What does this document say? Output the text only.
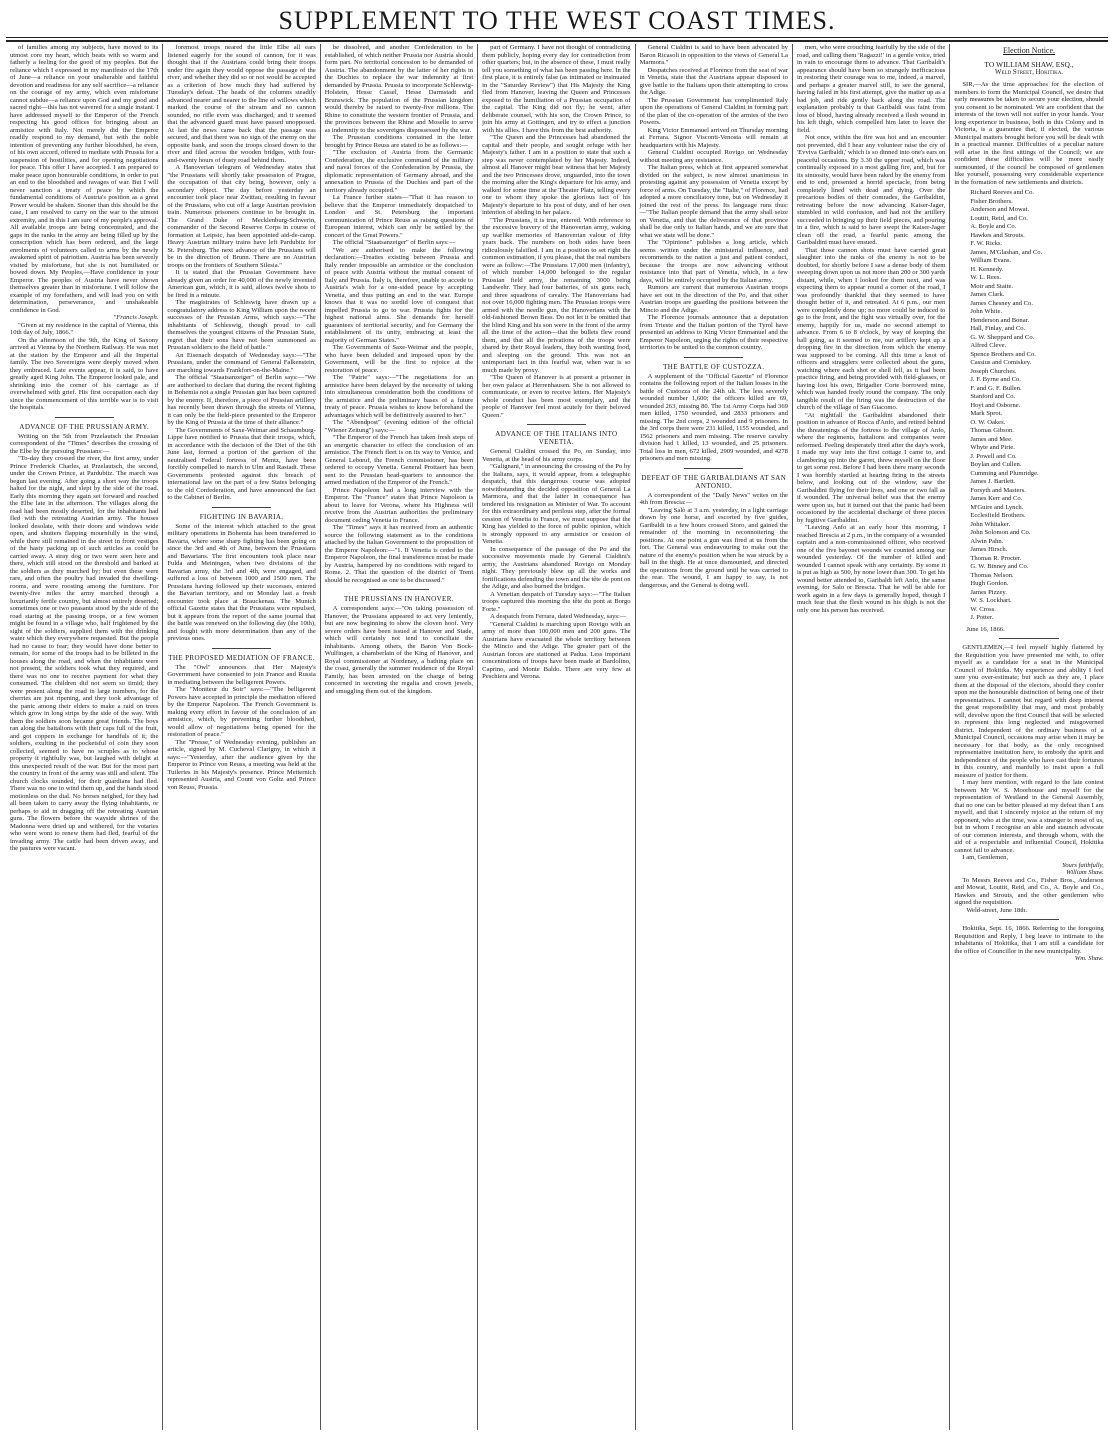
SUPPLEMENT TO THE WEST COAST TIMES.

of families among my subjects, have moved to its utmost core my heart, which beats with so warm and fatherly a feeling for the good of my peoples. But the reliance which I expressed in my manifesto of the 17th of June—a reliance on your unalterable and faithful devotion and readiness for any self sacrifice—a reliance on the courage of my army, which even misfortune cannot subdue—a reliance upon God and my good and sacred right—this has not wavered for a single instant. I have addressed myself to the Emperor of the French respecting his good offices for bringing about an armistice with Italy. Not merely did the Emperor readily respond to my demand, but with the noble intention of preventing any further bloodshed, he even, of his own accord, offered to mediate with Prussia for a suspension of hostilities, and for opening negotiations for peace. This offer I have accepted. I am prepared to make peace upon honourable conditions, in order to put an end to the bloodshed and ravages of war. But I will never sanction a treaty of peace by which the fundamental conditions of Austria's position as a great Power would be shaken. Sooner than this should be the case, I am resolved to carry on the war to the utmost extremity, and in this I am sure of my people's approval. All available troops are being concentrated, and the gaps in the ranks in the army are being filled up by the conscription which has been ordered, and the large enrolments of volunteers called to arms by the newly awakened spirit of patriotism. Austria has been severely visited by misfortune, but she is not humiliated or bowed down. My Peoples,—Have confidence in your Emperor. The peoples of Austria have never shown themselves greater than in misfortune. I will follow the example of my forefathers, and will lead you on with determination, perseverance, and unshakeable confidence in God.

"Francis Joseph.

"Given at my residence in the capital of Vienna, this 10th day of July, 1866."

On the afternoon of the 9th, the King of Saxony arrived at Vienna by the Northern Railway. He was met at the station by the Emperor and all the Imperial family. The two Sovereigns were deeply moved when they embraced. Late events appear, it is said, to have greatly aged King John. The Emperor looked pale, and shrinking into the corner of his carriage as if overwhelmed with grief. His first occupation each day since the commencement of this terrible war is to visit the hospitals.

ADVANCE OF THE PRUSSIAN ARMY.

Writing on the 5th from Przelautsch the Prussian correspondent of the "Times" describes the crossing of the Elbe by the pursuing Prussians:—

"To-day they crossed the river, the first army, under Prince Frederick Charles, at Przelautsch, the second, under the Crown Prince, at Pardubitz. The march was begun last evening. After going a short way the troops halted for the night, and slept by the side of the road. Early this morning they again set forward and reached the Elbe late in the afternoon. The villages along the road had been mostly deserted, for the inhabitants had fled with the retreating Austrian army. The houses looked desolate, with their doors and windows wide open, and shutters flapping mournfully in the wind, while there still remained in the street in front vestiges of the hasty packing up of such articles as could be carried away. A stray dog or two were seen here and there, which still stood on the threshold and barked at the soldiers as they marched by; but even these were rare, and often the poultry had invaded the dwelling-rooms, and were roosting among the furniture. For twenty-five miles the army marched through a luxuriantly fertile country, but almost entirely deserted; sometimes one or two peasants stood by the side of the road staring at the passing troops, or a few women might be found in a village who, half frightened by the sight of the soldiers, supplied them with the drinking water which they everywhere requested. But the people had no cause to fear; they would have done better to remain, for some of the troops had to be billeted in the houses along the road, and when the inhabitants were not present, the soldiers took what they required, and there was no one to receive payment for what they consumed. The children did not seem so timid; they were present along the road in large numbers, for the cherries are just ripening, and they took advantage of the panic among their elders to make a raid on trees which grow in long strips by the side of the way. With them the soldiers soon became great friends. The boys ran along the battalions with their caps full of the fruit, and got coppers in exchange for handfuls of it; the soldiers, exulting in the pocketsful of coin they soon collected, seemed to have no scruples as to whose property it rightfully was, but laughed with delight at this unexpected result of the war. But for the most part the country in front of the army was still and silent. The church clocks sounded, for their guardians had fled. There was no one to wind them up, and the hands stood motionless on the dial. No horses neighed, for they had all been taken to carry away the flying inhabitants, or perhaps to aid in dragging off the retreating Austrian guns. The flowers before the wayside shrines of the Madonna were dried up and withered, for the votaries who were wont to renew them had fled, fearful of the invading army. The cattle had been driven away, and the pastures were vacant.

foremost troops neared the little Elbe all ears listened eagerly for the sound of cannon, for it was thought that if the Austrians could bring their troops under fire again they would oppose the passage of the river, and whether they did so or not would be accepted as a criterion of how much they had suffered by Tuesday's defeat. The heads of the columns steadily advanced nearer and nearer to the line of willows which marked the course of the stream and no cannon sounded, no rifle even was discharged, and it seemed that the advanced guard must have passed unopposed. At last the news came back that the passage was secured, and that there was no sign of the enemy on the opposite bank, and soon the troops closed down to the river and filed across the wooden bridges, with four-and-twenty hours of dusty road behind them.

A Hanoverian telegram of Wednesday states that "the Prussians will shortly take possession of Prague, the occupation of that city being, however, only a secondary object. The day before yesterday an encounter took place near Zwittau, resulting in favour of the Prussians, who cut off a large Austrian provision train. Numerous prisoners continue to be brought in. The Grand Duke of Mecklenburg-Schwerin, commander of the Second Reserve Corps in course of formation at Leipsic, has been appointed aid-de-camp. Heavy Austrian military trains have left Pardubitz for St. Petersburg. The next advance of the Prussians will be in the direction of Brunn. There are no Austrian troops on the frontiers of Southern Silesia."

It is stated that the Prussian Government have already given an order for 40,000 of the newly invented American gun, which, it is said, allows twelve shots to be fired in a minute.

The magistrates of Schleswig have drawn up a congratulatory address to King William upon the recent successes of the Prussian Arms, which says:—"The inhabitants of Schleswig, though proud to call themselves the youngest citizens of the Prussian State, regret that their sons have not been summoned as Prussian soldiers to the field of battle."

An Eisenach despatch of Wednesday says:—"The Prussians, under the command of General Falkenstein, are marching towards Frankfort-on-the-Maine."

The official "Staatsanzeiger" of Berlin says:—"We are authorised to declare that during the recent fighting in Bohemia not a single Prussian gun has been captured by the enemy. If, therefore, a piece of Prussian artillery has recently been drawn through the streets of Vienna, it can only be the field-piece presented to the Emperor by the King of Prussia at the time of their alliance."

The Governments of Saxe-Weimar and Schaumburg-Lippe have notified to Prussia that their troops, which, in accordance with the decision of the Diet of the 6th June last, formed a portion of the garrison of the neutralised Federal fortress of Mentz, have been forcibly compelled to march to Ulm and Rastadt. These Governments protested against this breach of international law on the part of a few States belonging to the old Confederation, and have announced the fact to the Cabinet of Berlin.

FIGHTING IN BAVARIA.

Some of the interest which attached to the great military operations in Bohemia has been transferred to Bavaria, where some sharp fighting has been going on since the 3rd and 4th of June, between the Prussians and Bavarians. The first encounters took place near Fulda and Meiningen, when two divisions of the Bavarian army, the 3rd and 4th, were engaged, and suffered a loss of between 1000 and 1500 men. The Prussians having followed up their successes, entered the Bavarian territory, and on Monday last a fresh encounter took place at Brauckenau. The Munich official Gazette states that the Prussians were repulsed, but it appears from the report of the same journal that the battle was renewed on the following day (the 10th), and fought with more determination than any of the previous ones.

THE PROPOSED MEDIATION OF FRANCE.

The "Owl" announces that Her Majesty's Government have consented to join France and Russia in mediating between the belligerent Powers.

The "Moniteur du Soir" says:—"The belligerent Powers have accepted in principle the mediation offered by the Emperor Napoleon. The French Government is making every effort in favour of the conclusion of an armistice, which, by preventing further bloodshed, would allow of negotiations being opened for the restoration of peace."

The "Presse," of Wednesday evening, publishes an article, signed by M. Cucheval Clarigny, in which it says:—"Yesterday, after the audience given by the Emperor to Prince von Reuss, a meeting was held at the Tuileries in his Majesty's presence. Prince Metternich represented Austria, and Count von Goltz and Prince von Reuss, Prussia.

be dissolved, and another Confederation to be established, of which neither Prussia nor Austria should form part. No territorial concession to be demanded of Austria. The abandonment by the latter of her rights in the Duchies to replace the war indemnity at first demanded by Prussia. Prussia to incorporate Schleswig-Holstein, Hesse Cassel, Hesse Darmstadt and Brunswick. The population of the Prussian kingdom would thereby be raised to twenty-five millions. The Rhine to constitute the western frontier of Prussia, and the provinces between the Rhine and Moselle to serve as indemnity to the sovereigns dispossessed by the war.

The Prussian conditions contained in the letter brought by Prince Reuss are stated to be as follows:—

"The exclusion of Austria from the Germanic Confederation, the exclusive command of the military and naval forces of the Confederation by Prussia, the diplomatic representation of Germany abroad, and the annexation to Prussia of the Duchies and part of the territory already occupied."

La France further states—"That it has reason to believe that the Emperor immediately despatched to London and St. Petersburg the important communication of Prince Reuss as raising questions of European interest, which can only be settled by the concert of the Great Powers."

The official "Staatsanzeiger" of Berlin says:—

"We are authorised to make the following declaration:—Treaties existing between Prussia and Italy render impossible an armistice or the conclusion of peace with Austria without the mutual consent of Italy and Prussia. Italy is, therefore, unable to accede to Austria's wish for a one-sided peace by accepting Venetia, and thus putting an end to the war. Europe knows that it was no sordid love of conquest that impelled Prussia to go to war. Prussia fights for the highest national aims. She demands for herself guarantees of territorial security, and for Germany the establishment of its unity, embracing at least the majority of German States."

The Governments of Saxe-Weimar and the people, who have been deluded and imposed upon by the Government, will be the first to rejoice at the restoration of peace.

The "Patrie" says:—"The negotiations for an armistice have been delayed by the necessity of taking into simultaneous consideration both the conditions of the armistice and the preliminary bases of a future treaty of peace. Prussia wishes to know beforehand the advantages which will be definitively assured to her."

The "Abendpost" (evening edition of the official "Wiener Zeitung") says:—

"The Emperor of the French has taken fresh steps of an energetic character to effect the conclusion of an armistice. The French fleet is on its way to Venice, and General Lebœuf, the French commissioner, has been ordered to occupy Venetia. General Prottaert has been sent to the Prussian head-quarters to announce the armed mediation of the Emperor of the French."

Prince Napoleon had a long interview with the Emperor. The "France" states that Prince Napoleon is about to leave for Verona, where his Highness will receive from the Austrian authorities the preliminary document ceding Venetia to France.

The "Times" says it has received from an authentic source the following statement as to the conditions attached by the Italian Government to the proposition of the Emperor Napoleon:—"1. If Venetia is ceded to the Emperor Napoleon, the final transference must be made by Austria, hampered by no conditions with regard to Rome. 2. That the question of the district of Trent should be recognised as one to be discussed."

THE PRUSSIANS IN HANOVER.

A correspondent says:—"On taking possession of Hanover, the Prussians appeared to act very leniently, but are now beginning to show the cloven hoof. Very severe orders have been issued at Hanover and Stade, which will certainly not tend to conciliate the inhabitants. Among others, the Baron Von Bock-Wulfingen, a chamberlain of the King of Hanover, and Royal commissioner at Nordeney, a bathing place on the coast, generally the summer residence of the Royal Family, has been arrested on the charge of being concerned in secreting the regalia and crown jewels, and smuggling them out of the kingdom.

part of Germany. I have not thought of contradicting them publicly, hoping every day for contradiction from other quarters; but, in the absence of these, I must really tell you something of what has been passing here. In the first place, it is entirely false (as intimated or insinuated in the "Saturday Review") that His Majesty the King fled from Hanover, leaving the Queen and Princesses exposed to the humiliation of a Prussian occupation of the capital. The King did not fly; he went, after deliberate counsel, with his son, the Crown Prince, to join his army at Gottingen, and try to effect a junction with his allies. I have this from the best authority.

"The Queen and the Princesses had abandoned the capital and their people, and sought refuge with her Majesty's father. I am in a position to state that such a step was never contemplated by her Majesty. Indeed, almost all Hanover might bear witness that her Majesty and the two Princesses drove, unguarded, into the town the morning after the King's departure for his army, and walked for some time at the Theater Platz, telling every one to whom they spoke the glorious fact of his Majesty's departure to his post of duty, and of her own intention of abiding in her palace.

"The Prussians, it is true, entered. With reference to the excessive bravery of the Hanoverian army, waking up warlike memories of Hanoverian valour of fifty years back. The numbers on both sides have been ridiculously falsified. I am in a position to set right the common estimation, if you please, that the real numbers were as follow:—The Prussians 17,000 men (infantry), of which number 14,000 belonged to the regular Prussian field army, the remaining 3000 being Landwehr. They had four batteries, of six guns each, and three squadrons of cavalry. The Hanoverians had not over 16,000 fighting men. The Prussian troops were armed with the needle gun, the Hanoverians with the old-fashioned Brown Bess. Do not let it be omitted that the blind King and his son were in the front of the army all the time of the action—that the bullets flew round them, and that all the privations of the troops were shared by their Royal leaders, they both wanting food, and sleeping on the ground. This was not an unimportant fact in this fearful war, when war is so much made by proxy.

"The Queen of Hanover is at present a prisoner in her own palace at Herrenhausen. She is not allowed to communicate, or even to receive letters. Her Majesty's whole conduct has been most exemplary, and the people of Hanover feel most acutely for their beloved Queen."

ADVANCE OF THE ITALIANS INTO VENETIA.

General Cialdini crossed the Po, on Sunday, into Venetia, at the head of his army corps.

"Galignani," in announcing the crossing of the Po by the Italians, says, it would appear, from a telegraphic despatch, that this dangerous course was adopted notwithstanding the decided opposition of General La Marmora, and that the latter in consequence has tendered his resignation as Minister of War. To account for this extraordinary and perilous step, after the formal cession of Venetia to France, we must suppose that the King has yielded to the force of public opinion, which is strongly opposed to any armistice or cession of Venetia.

In consequence of the passage of the Po and the successive movements made by General Cialdini's army, the Austrians abandoned Rovigo on Monday night. They previously blew up all the works and fortifications defending the town and the tête de pont on the Adige, and also burned the bridges.

A Venetian despatch of Tuesday says:—"The Italian troops captured this morning the tête du pont at Borgo Forte."

A despatch from Ferrara, dated Wednesday, says:—

"General Cialdini is marching upon Rovigo with an army of more than 100,000 men and 200 guns. The Austrians have evacuated the whole territory between the Mincio and the Adige. The greater part of the Austrian forces are stationed at Padua. Less important concentrations of troops have been made at Bardolino, Caprino, and Monte Baldo. There are very few at Peschiera and Verona.

General Cialdini is said to have been advocated by Baron Ricasoli in opposition to the views of General La Marmora."

Despatches received at Florence from the seat of war in Venetia, state that the Austrians appear disposed to give battle to the Italians upon their attempting to cross the Adige.

The Prussian Government has complimented Italy upon the operations of General Cialdini in forming part of the plan of the co-operation of the armies of the two Powers.

King Victor Emmanuel arrived on Thursday morning at Ferrara. Signor Visconti-Venosta will remain at headquarters with his Majesty.

General Cialdini occupied Rovigo on Wednesday without meeting any resistance.

The Italian press, which at first appeared somewhat divided on the subject, is now almost unanimous in protesting against any possession of Venetia except by force of arms. On Tuesday, the "Italie," of Florence, had adopted a more conciliatory tone, but on Wednesday it joined the rest of the press. Its language runs thus:—"The Italian people demand that the army shall seize on Venetia, and that the deliverance of that province shall be due only to Italian hands, and we are sure that what we state will be done."

The "Opinione" publishes a long article, which seems written under the ministerial influence, and recommends to the nation a just and patient conduct, because the troops are now advancing without resistance into that part of Venetia, which, in a few days, will be entirely occupied by the Italian army.

Rumors are current that numerous Austrian troops have set out in the direction of the Po, and that other Austrian troops are guarding the positions between the Mincio and the Adige.

The Florence journals announce that a deputation from Trieste and the Italian portion of the Tyrol have presented an address to King Victor Emmanuel and the Emperor Napoleon, urging the rights of their respective territories to be united to the common country.

THE BATTLE OF CUSTOZZA.

A supplement of the "Official Gazette" of Florence contains the following report of the Italian losses in the battle of Custozza of the 24th ult. The less severely wounded number 1,600; the officers killed are 69, wounded 263, missing 80. The 1st Army Corps had 369 men killed, 1750 wounded, and 2833 prisoners and missing. The 2nd corps, 2 wounded and 9 prisoners. In the 3rd corps there were 231 killed, 1155 wounded, and 1562 prisoners and men missing. The reserve cavalry division had 1 killed, 13 wounded, and 25 prisoners. Total loss in men, 672 killed, 2909 wounded, and 4278 prisoners and men missing.

DEFEAT OF THE GARIBALDIANS AT SAN ANTONIO.

A correspondent of the "Daily News" writes on the 4th from Brescia:—

"Leaving Salò at 3 a.m. yesterday, in a light carriage drawn by one horse, and escorted by five guides, Garibaldi in a few hours crossed Storo, and gained the remainder of the morning in reconnoitering the positions. At one point a gun was fired at us from the fort. The General was endeavouring to make out the nature of the enemy's position when he was struck by a ball in the thigh. He at once dismounted, and directed the operations from the ground until he was carried to the rear. The wound, I am happy to say, is not dangerous, and the General is doing well.

men, who were crouching fearfully by the side of the road, and calling them 'Ragazzi!' in a gentle voice, tried in vain to encourage them to advance. That Garibaldi's appearance should have been so strangely inefficacious in restoring their courage was to me, indeed, a marvel, and perhaps a greater marvel still, to see the general, having failed in his first attempt, give the matter up as a bad job, and ride gently back along the road. The explanation probably is that Garibaldi was faint from loss of blood, having already received a flesh wound in his left thigh, which compelled him later to leave the field.

Not once, within the fire was hot and an encounter not prevented, did I hear any volunteer raise the cry of 'Evviva Garibaldi,' which is so dinned into one's ears on peaceful occasions. By 3.30 the upper road, which was continually exposed to a most galling fire, and, but for its sinuosity, would have been raked by the enemy from end to end, presented a horrid spectacle, from being completely lined with dead and dying. Over the precarious bodies of their comrades, the Garibaldini, retreating before the now advancing Kaiser-Jager, stumbled in wild confusion, and had not the artillery succeeded in bringing up their field pieces, and pouring in a fire, which is said to have swept the Kaiser-Jager clean off the road, a fearful panic among the Garibaldini must have ensued.

That those cannon shots must have carried great slaughter into the ranks of the enemy is not to be doubted, for shortly before I saw a dense body of them sweeping down upon us not more than 200 or 300 yards distant, while, when I looked for them next, and was expecting them to appear round a corner of the road, I was profoundly thankful that they seemed to have thought better of it, and retreated. At 6 p.m., our men were completely done up; no more could be induced to go to the front, and the fight was virtually over, for the enemy, happily for us, made no second attempt to advance. From 6 to 8 o'clock, by way of keeping the ball going, as it seemed to me, our artillery kept up a dropping fire in the direction from which the enemy was supposed to be coming. All this time a knot of officers and stragglers were collected about the guns, watching where each shot or shell fell, as it had been practice firing, and being provided with field-glasses, or having lost his own, Brigadier Corte borrowed mine, which was handed freely round the company. The only tangible result of the firing was the destruction of the church of the village of San Giacomo.

"At nightfall the Garibaldini abandoned their position in advance of Rocca d'Anfo, and retired behind the threatenings of the fortress to the village of Anfo, where the regiments, battalions and companies were reformed. Feeling desperately tired after the day's work, I made my way into the first cottage I came to, and clambering up into the garret, threw myself on the floor to get some rest. Before I had been there many seconds I was horribly startled at hearing firing in the streets below, and looking out of the window, saw the Garibaldini flying for their lives, and one or two fall as if wounded. The universal belief was that the enemy were upon us, but it turned out that the panic had been occasioned by the accidental discharge of three pieces by fugitive Garibaldini.

"Leaving Anfo at an early hour this morning, I reached Brescia at 2 p.m., in the company of a wounded captain and a non-commissioned officer, who received one of the five bayonet wounds we counted among our wounded yesterday. Of the number of killed and wounded I cannot speak with any certainty. By some it is put as high as 500, by none lower than 300. To get his wound better attended to, Garibaldi left Anfo, the same evening, for Salo or Brescia. That he will be able for work again in a few days is generally hoped, though I much fear that the flesh wound in his thigh is not the only one his person has received.

Election Notice.
TO WILLIAM SHAW, ESQ.,
Weld Street, Hokitika.

SIR,—As the time approaches for the election of members to form the Municipal Council, we desire that early measures be taken to secure your election, should you consent to be nominated. We are confident that the interests of the town will not suffer in your hands. Your long experience in business, both in this Colony and in Victoria, is a guarantee that, if elected, the various Municipal matters brought before you will be dealt with in a practical manner. Difficulties of a peculiar nature will arise in the first sittings of the Council; we are confident these difficulties will be more easily surmounted, if the council be composed of gentlemen like yourself, possessing very considerable experience in the formation of new settlements and districts.

Richard Reeves and Co.
Fisher Brothers.
Anderson and Mowat.
Louttit, Reid, and Co.
A. Boyle and Co.
Hawkes and Strouts.
F. W. Ricks.
James, M'Glashan, and Co.
William Evans.
H. Kennedy.
W. L. Rees.
Moir and Staite.
James Clark.
James Chesney and Co.
John White.
Henderson and Bonar.
Hall, Finlay, and Co.
G. W. Sheppard and Co.
Alfred Cleve.
Spence Brothers and Co.
Cassius and Comiskey.
Joseph Churches.
J. F. Byrne and Co.
F. and G. F. Bullen.
Stanford and Co.
Hoyt and Osborne.
Mark Sprot.
O. W. Oakes.
Thomas Gibson.
James and Mee.
Whyte and Pirie.
J. Powell and Co.
Boylan and Cullen.
Cumming and Plumridge.
James J. Bartlett.
Forsyth and Masters.
James Kerr and Co.
M'Guire and Lynch.
Ecclesfield Brothers.
John Whitaker.
John Solomon and Co.
Alwin Pahn.
James Hirsch.
Thomas R. Procter.
G. W. Binney and Co.
Thomas Nelson.
Hugh Gordon.
James Pizzey.
W. S. Lockhart.
W. Cross.
J. Potter.

June 16, 1866.

GENTLEMEN,—I feel myself highly flattered by the Requisition you have presented me with, to offer myself as a candidate for a seat in the Municipal Council of Hokitika. My experience and ability I feel sure you over-estimate; but such as they are, I place them at the disposal of the electors, should they confer upon me the honourable distinction of being one of their representatives. I cannot but regard with deep interest the great responsibility that may, and most probably will, devolve upon the first Council that will be selected to represent this long neglected and misgoverned district. Independent of the ordinary business of a Municipal Council, occasions may arise when it may be necessary for that body, as the only recognised representative institution here, to embody the spirit and independence of the people who have cast their fortunes in this country, and manfully to insist upon a full measure of justice for them.

I may here mention, with regard to the late contest between Mr W. S. Moorhouse and myself for the representation of Westland in the General Assembly, that no one can be better pleased at my defeat than I am myself, and that I sincerely rejoice at the return of my opponent, who at the time, was a stranger to most of us, but in whom I recognise an able and staunch advocate of our common interests, and through whom, with the aid of a respectable and influential Council, Hokitika cannot fail to advance.

I am, Gentlemen,

Yours faithfully,

William Shaw.

To Messrs Reeves and Co., Fisher Bros., Anderson and Mowat, Louttit, Reid, and Co., A. Boyle and Co., Hawkes and Strouts, and the other gentlemen who signed the requisition.

Weld-street, June 18th.

Hokitika, Sept. 16, 1866. Referring to the foregoing Requisition and Reply, I beg leave to intimate to the inhabitants of Hokitika, that I am still a candidate for the office of Councillor in the new municipality.

Wm. Shaw.
